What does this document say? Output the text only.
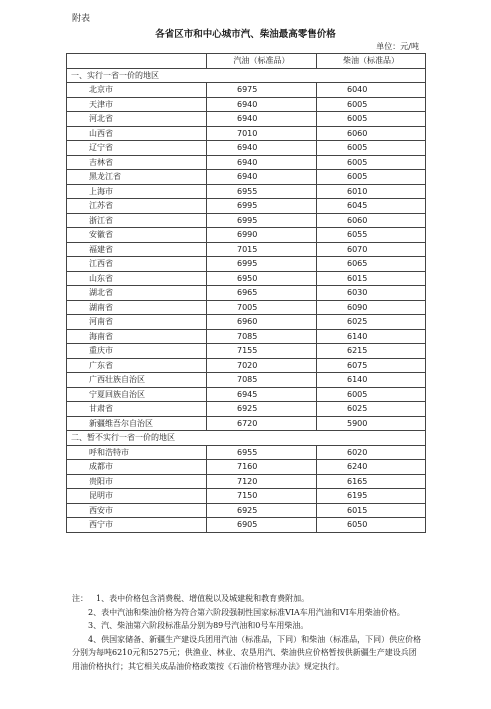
附表
各省区市和中心城市汽、柴油最高零售价格
单位：元/吨
	汽油（标准品）	柴油（标准品）
一、实行一省一价的地区		
北京市	6975	6040
天津市	6940	6005
河北省	6940	6005
山西省	7010	6060
辽宁省	6940	6005
吉林省	6940	6005
黑龙江省	6940	6005
上海市	6955	6010
江苏省	6995	6045
浙江省	6995	6060
安徽省	6990	6055
福建省	7015	6070
江西省	6995	6065
山东省	6950	6015
湖北省	6965	6030
湖南省	7005	6090
河南省	6960	6025
海南省	7085	6140
重庆市	7155	6215
广东省	7020	6075
广西壮族自治区	7085	6140
宁夏回族自治区	6945	6005
甘肃省	6925	6025
新疆维吾尔自治区	6720	5900
二、暂不实行一省一价的地区		
呼和浩特市	6955	6020
成都市	7160	6240
贵阳市	7120	6165
昆明市	7150	6195
西安市	6925	6015
西宁市	6905	6050

注： 1、表中价格包含消费税、增值税以及城建税和教育费附加。

2、表中汽油和柴油价格为符合第六阶段强制性国家标准VIA车用汽油和VI车用柴油价格。

3、汽、柴油第六阶段标准品分别为89号汽油和0号车用柴油。

4、供国家储备、新疆生产建设兵团用汽油（标准品，下同）和柴油（标准品，下同）供应价格分别为每吨6210元和5275元；供渔业、林业、农垦用汽、柴油供应价格暂按供新疆生产建设兵团用油价格执行；其它相关成品油价格政策按《石油价格管理办法》规定执行。
